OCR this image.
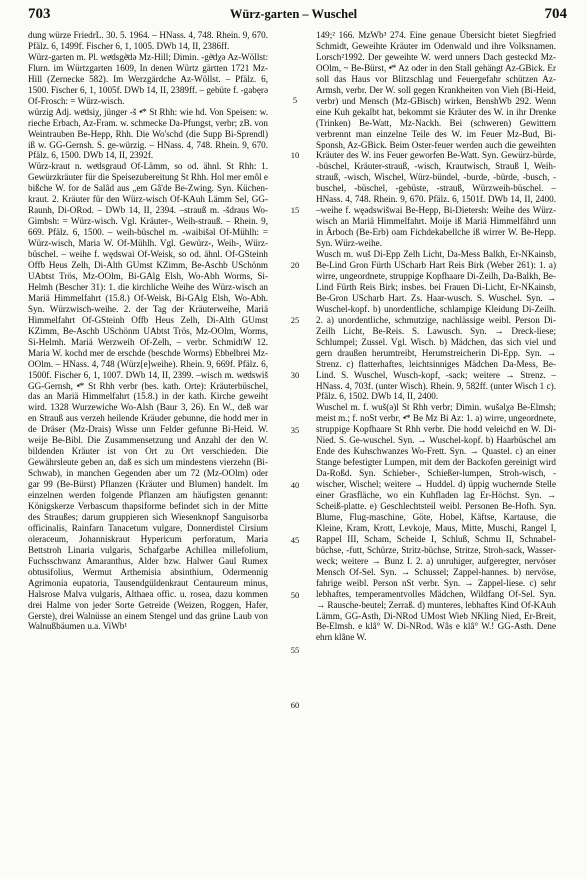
703	Würz-garten – Wuschel	704

dung würze FriedrL. 30. 5. 1964. – HNass. 4, 748. Rhein. 9, 670. Pfälz. 6, 1499f. Fischer 6, 1, 1005. DWb 14, II, 2386ff.

Würz-garten m. Pl. weͤdsgèͤdə Mz-Hill; Dimin. -gèͤdχə Az-Wöllst: Flurn. im Würtzgarten 1609, In denen Würtz gärtten 1721 Mz-Hill (Zernecke 582). Im Werzgärdche Az-Wöllst. – Pfälz. 6, 1500. Fischer 6, 1, 1005f. DWb 14, II, 2389ff. – gebüte f. -gabęrə Of-Frosch: = Würz-wisch.

würzig Adj. weͤdsiχ, jünger -š •ͤ* St Rhh: wie hd. Von Speisen: w. rieche Erbach, Az-Fram. w. schmecke Da-Pfungst, verbr; zB. von Weintrauben Be-Hepp, Rhh. Die Wo'schd (die Supp Bi-Sprendl) iß w. GG-Gernsh. S. ge-würzig. – HNass. 4, 748. Rhein. 9, 670. Pfälz. 6, 1500. DWb 14, II, 2392f.

Würz-kraut n. weͤdsgraud Of-Lämm, so od. ähnl. St Rhh: 1. Gewürzkräuter für die Speisezubereitung St Rhh. Hol mer emôl e bißche W. for de Salâd aus „em Gâ'de Be-Zwing. Syn. Küchen-kraut. 2. Kräuter für den Würz-wisch Of-KAuh Lämm Sel, GG-Raunh, Di-ORod. – DWb 14, II, 2394. –strauß m. -šdraus Wo-Gimbsh: = Würz-wisch. Vgl. Kräuter-, Weih-strauß. – Rhein. 9, 669. Pfälz. 6, 1500. – weih-büschel m. -waibišəl Of-Mühlh: = Würz-wisch, Maria W. Of-Mühlh. Vgl. Gewürz-, Weih-, Würz-büschel. – weihe f. wędswai Of-Weisk, so od. ähnl. Of-GSteinh Offb Heus Zelh, Di-Alth GUmst KZimm, Be-Aschb USchönm UAbtst Trös, Mz-OOlm, Bi-GAlg Elsh, Wo-Abh Worms, Si-Helmh (Bescher 31): 1. die kirchliche Weihe des Würz-wisch an Mariä Himmelfahrt (15.8.) Of-Weisk, Bi-GAlg Elsh, Wo-Abh. Syn. Würzwisch-weihe. 2. der Tag der Kräuterweihe, Mariä Himmelfahrt Of-GSteinh Offb Heus Zelh, Di-Alth GUmst KZimm, Be-Aschb USchönm UAbtst Trös, Mz-OOlm, Worms, Si-Helmh. Mariä Werzweih Of-Zelh, – verbr. SchmidtW 12. Maria W. kochd mer de erschde (beschde Worms) Ebbelbrei Mz-OOlm. – HNass. 4, 748 (Würz[e]weihe). Rhein. 9, 669f. Pfälz. 6, 1500f. Fischer 6, 1, 1007. DWb 14, II, 2399. –wisch m. weͤdswiš GG-Gernsh, •ͤ* St Rhh verbr (bes. kath. Orte): Kräuterbüschel, das an Mariä Himmelfahrt (15.8.) in der kath. Kirche geweiht wird. 1328 Wurzewiche Wo-Alsh (Baur 3, 26). En W., deß war en Strauß aus verzeh heilende Kräuder gebunne, die hodd mer in de Dräser (Mz-Drais) Wisse unn Felder gefunne Bi-Heid. W. weije Be-Bibl. Die Zusammensetzung und Anzahl der den W. bildenden Kräuter ist von Ort zu Ort verschieden. Die Gewährsleute geben an, daß es sich um mindestens vierzehn (Bi-Schwab), in manchen Gegenden aber um 72 (Mz-OOlm) oder gar 99 (Be-Bürst) Pflanzen (Kräuter und Blumen) handelt. Im einzelnen werden folgende Pflanzen am häufigsten genannt: Königskerze Verbascum thapsiforme befindet sich in der Mitte des Straußes; darum gruppieren sich Wiesenknopf Sanguisorba officinalis, Rainfarn Tanacetum vulgare, Donnerdistel Cirsium oleraceum, Johanniskraut Hypericum perforatum, Maria Bettstroh Linaria vulgaris, Schafgarbe Achillea millefolium, Fuchsschwanz Amaranthus, Alder bzw. Halwer Gaul Rumex obtusifolius, Wermut Arthemisia absinthium, Odermennig Agrimonia eupatoria, Tausendgüldenkraut Centaureum minus, Halsrose Malva vulgaris, Althaea offic. u. rosea, dazu kommen drei Halme von jeder Sorte Getreide (Weizen, Roggen, Hafer, Gerste), drei Walnüsse an einem Stengel und das grüne Laub von Walnußbäumen u.a. ViWb¹

5
10
15
20
25
30
35
40
45
50
55
60

149;² 166. MzWb³ 274. Eine genaue Übersicht bietet Siegfried Schmidt, Geweihte Kräuter im Odenwald und ihre Volksnamen. Lorsch²1992. Der geweihte W. werd unners Dach gesteckd Mz-OOlm, ~ Be-Bürst, •ͤ* Az oder in den Stall gehängt Az-GBick. Er soll das Haus vor Blitzschlag und Feuergefahr schützen Az-Armsh, verbr. Der W. soll gegen Krankheiten von Vieh (Bi-Heid, verbr) und Mensch (Mz-GBisch) wirken, BenshWb 292. Wenn eine Kuh gekalbt hat, bekommt sie Kräuter des W. in ihr Drenke (Trinken) Be-Watt, Mz-Nackh. Bei (schweren) Gewittern verbrennt man einzelne Teile des W. im Feuer Mz-Bud, Bi-Sponsh, Az-GBick. Beim Oster-feuer werden auch die geweihten Kräuter des W. ins Feuer geworfen Be-Watt. Syn. Gewürz-bürde, -büschel, Kräuter-strauß, -wisch, Krautwisch, Strauß I, Weih-strauß, -wisch, Wischel, Würz-bündel, -burde, -bürde, -busch, -buschel, -büschel, -gebüste, -strauß, Würzweih-büschel. – HNass. 4, 748. Rhein. 9, 670. Pfälz. 6, 1501f. DWb 14, II, 2400. –weihe f. węədswišwai Be-Hepp, Bi-Dietersh: Weihe des Würz-wisch an Mariä Himmelfahrt. Moije iß Mariä Himmelfährd unn in Ärboch (Be-Erb) oam Fichdekabellche iß wirrer W. Be-Hepp. Syn. Würz-weihe.

Wusch m. wuš Di-Epp Zelh Licht, Da-Mess Balkh, Er-NKainsb, Be-Lind Gron Fürth UScharb Hart Reis Birk (Weber 261): 1. a) wirre, ungeordnete, struppige Kopfhaare Di-Zeilh, Da-Balkh, Be-Lind Fürth Reis Birk; insbes. bei Frauen Di-Licht, Er-NKainsb, Be-Gron UScharb Hart. Zs. Haar-wusch. S. Wuschel. Syn. → Wuschel-kopf. b) unordentliche, schlampige Kleidung Di-Zeilh. 2. a) unordentliche, schmutzige, nachlässige weibl. Person Di-Zeilh Licht, Be-Reis. S. Lawusch. Syn. → Dreck-liese; Schlumpel; Zussel. Vgl. Wisch. b) Mädchen, das sich viel und gern draußen herumtreibt, Herumstreicherin Di-Epp. Syn. → Strenz. c) flatterhaftes, leichtsinniges Mädchen Da-Mess, Be-Lind. S. Wuschel, Wusch-kopf, -sack; weitere → Strenz. – HNass. 4, 703f. (unter Wisch). Rhein. 9, 582ff. (unter Wisch 1 c). Pfälz. 6, 1502. DWb 14, II, 2400.

Wuschel m. f. wuš(ə)l St Rhh verbr; Dimin. wušəlχə Be-Elmsh; meist m.; f. noSt verbr, •ͤ* Be Mz Bi Az: 1. a) wirre, ungeordnete, struppige Kopfhaare St Rhh verbr. Die hodd veleichd en W. Di-Nied. S. Ge-wuschel. Syn. → Wuschel-kopf. b) Haarbüschel am Ende des Kuhschwanzes Wo-Frett. Syn. → Quastel. c) an einer Stange befestigter Lumpen, mit dem der Backofen gereinigt wird Da-Roßd. Syn. Schieber-, Schießer-lumpen, Stroh-wisch, -wischer, Wischel; weitere → Huddel. d) üppig wuchernde Stelle einer Grasfläche, wo ein Kuhfladen lag Er-Höchst. Syn. → Scheiß-platte. e) Geschlechtsteil weibl. Personen Be-Hofh. Syn. Blume, Flug-maschine, Göte, Hobel, Käftse, Kartause, die Kleine, Kram, Krott, Levkoje, Maus, Mitte, Muschi, Rangel I, Rappel III, Scham, Scheide I, Schluß, Schmu II, Schnabel-büchse, -futt, Schürze, Stritz-büchse, Stritze, Stroh-sack, Wasser-weck; weitere → Bunz I. 2. a) unruhiger, aufgeregter, nervöser Mensch Of-Sel. Syn. → Schussel; Zappel-hannes. b) nervöse, fahrige weibl. Person nSt verbr. Syn. → Zappel-liese. c) sehr lebhaftes, temperamentvolles Mädchen, Wildfang Of-Sel. Syn. → Rausche-beutel; Zerraß. d) munteres, lebhaftes Kind Of-KAuh Lämm, GG-Asth, Di-NRod UMost Wieb NKling Nied, Er-Breit, Be-Elmsh. e klâ° W. Di-NRod. Wâs e klâ° W.! GG-Asth. Dene ehrn klâne W.
